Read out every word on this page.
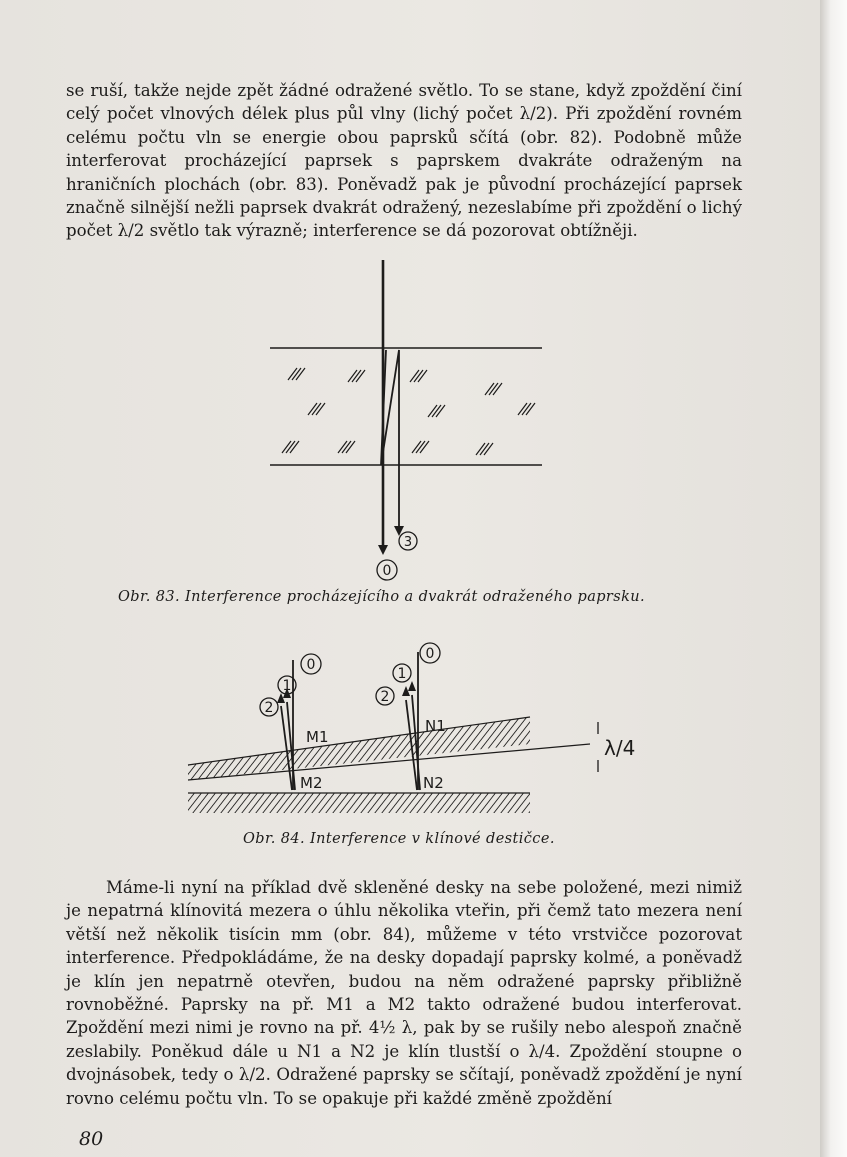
se ruší, takže nejde zpět žádné odražené světlo. To se stane, když zpoždění činí celý počet vlnových délek plus půl vlny (lichý počet λ/2). Při zpoždění rovném celému počtu vln se energie obou paprsků sčítá (obr. 82). Podobně může interferovat procházející paprsek s paprskem dvakráte odraženým na hraničních plochách (obr. 83). Poněvadž pak je původní procházející paprsek značně silnější nežli paprsek dvakrát odražený, nezeslabíme při zpoždění o lichý počet λ/2 světlo tak výrazně; interference se dá pozorovat obtížněji.

3
0
Obr. 83. Interference procházejícího a dvakrát odraženého paprsku.
0
1
2
0
1
2
M1
M2
N1
N2
λ/4
Obr. 84. Interference v klínové destičce.

Máme-li nyní na příklad dvě skleněné desky na sebe položené, mezi nimiž je nepatrná klínovitá mezera o úhlu několika vteřin, při čemž tato mezera není větší než několik tisícin mm (obr. 84), můžeme v této vrstvičce pozorovat interference. Předpokládáme, že na desky dopadají paprsky kolmé, a poněvadž je klín jen nepatrně otevřen, budou na něm odražené paprsky přibližně rovnoběžné. Paprsky na př. M1 a M2 takto odražené budou interferovat. Zpoždění mezi nimi je rovno na př. 4½ λ, pak by se rušily nebo alespoň značně zeslabily. Poněkud dále u N1 a N2 je klín tlustší o λ/4. Zpoždění stoupne o dvojnásobek, tedy o λ/2. Odražené paprsky se sčítají, poněvadž zpoždění je nyní rovno celému počtu vln. To se opakuje při každé změně zpoždění

80
